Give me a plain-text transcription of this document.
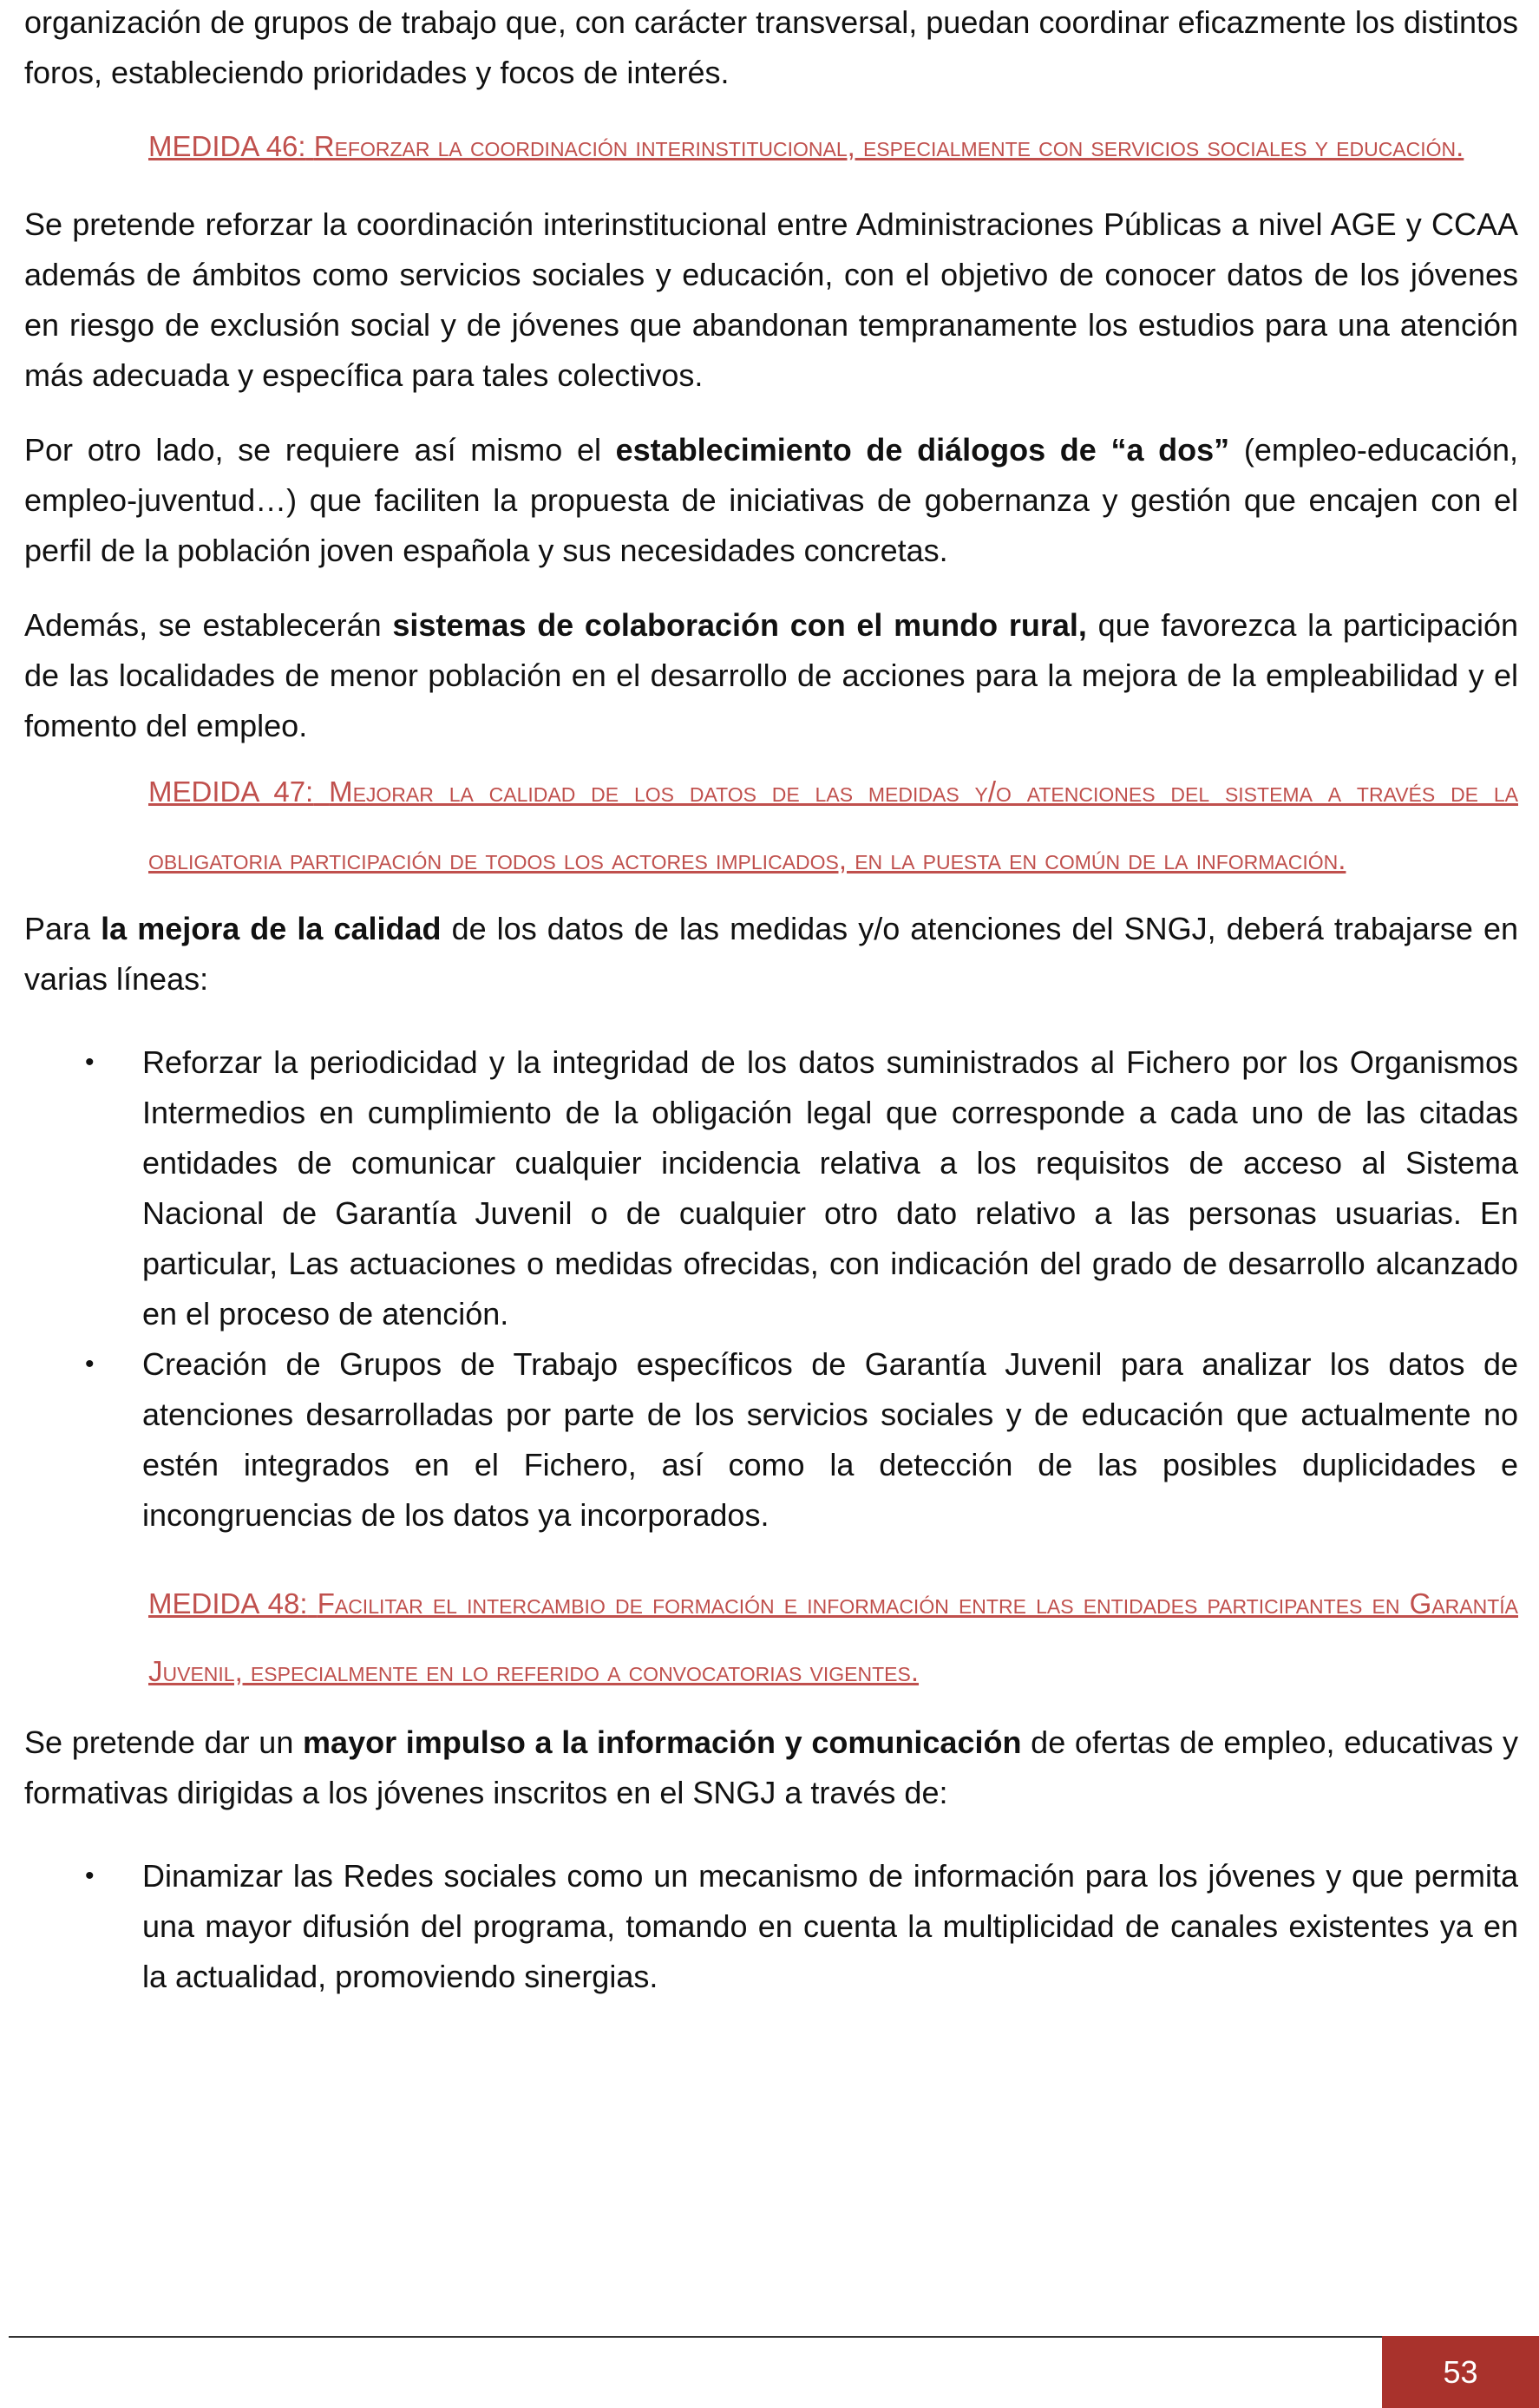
organización de grupos de trabajo que, con carácter transversal, puedan coordinar eficazmente los distintos foros, estableciendo prioridades y focos de interés.

MEDIDA 46: Reforzar la coordinación interinstitucional, especialmente con servicios sociales y educación.

Se pretende reforzar la coordinación interinstitucional entre Administraciones Públicas a nivel AGE y CCAA además de ámbitos como servicios sociales y educación, con el objetivo de conocer datos de los jóvenes en riesgo de exclusión social y de jóvenes que abandonan tempranamente los estudios para una atención más adecuada y específica para tales colectivos.

Por otro lado, se requiere así mismo el establecimiento de diálogos de “a dos” (empleo-educación, empleo-juventud…) que faciliten la propuesta de iniciativas de gobernanza y gestión que encajen con el perfil de la población joven española y sus necesidades concretas.

Además, se establecerán sistemas de colaboración con el mundo rural, que favorezca la participación de las localidades de menor población en el desarrollo de acciones para la mejora de la empleabilidad y el fomento del empleo.

MEDIDA 47: Mejorar la calidad de los datos de las medidas y/o atenciones del sistema a través de la obligatoria participación de todos los actores implicados, en la puesta en común de la información.

Para la mejora de la calidad de los datos de las medidas y/o atenciones del SNGJ, deberá trabajarse en varias líneas:

• Reforzar la periodicidad y la integridad de los datos suministrados al Fichero por los Organismos Intermedios en cumplimiento de la obligación legal que corresponde a cada uno de las citadas entidades de comunicar cualquier incidencia relativa a los requisitos de acceso al Sistema Nacional de Garantía Juvenil o de cualquier otro dato relativo a las personas usuarias. En particular, Las actuaciones o medidas ofrecidas, con indicación del grado de desarrollo alcanzado en el proceso de atención.
• Creación de Grupos de Trabajo específicos de Garantía Juvenil para analizar los datos de atenciones desarrolladas por parte de los servicios sociales y de educación que actualmente no estén integrados en el Fichero, así como la detección de las posibles duplicidades e incongruencias de los datos ya incorporados.
MEDIDA 48: Facilitar el intercambio de formación e información entre las entidades participantes en Garantía Juvenil, especialmente en lo referido a convocatorias vigentes.

Se pretende dar un mayor impulso a la información y comunicación de ofertas de empleo, educativas y formativas dirigidas a los jóvenes inscritos en el SNGJ a través de:

• Dinamizar las Redes sociales como un mecanismo de información para los jóvenes y que permita una mayor difusión del programa, tomando en cuenta la multiplicidad de canales existentes ya en la actualidad, promoviendo sinergias.
53
